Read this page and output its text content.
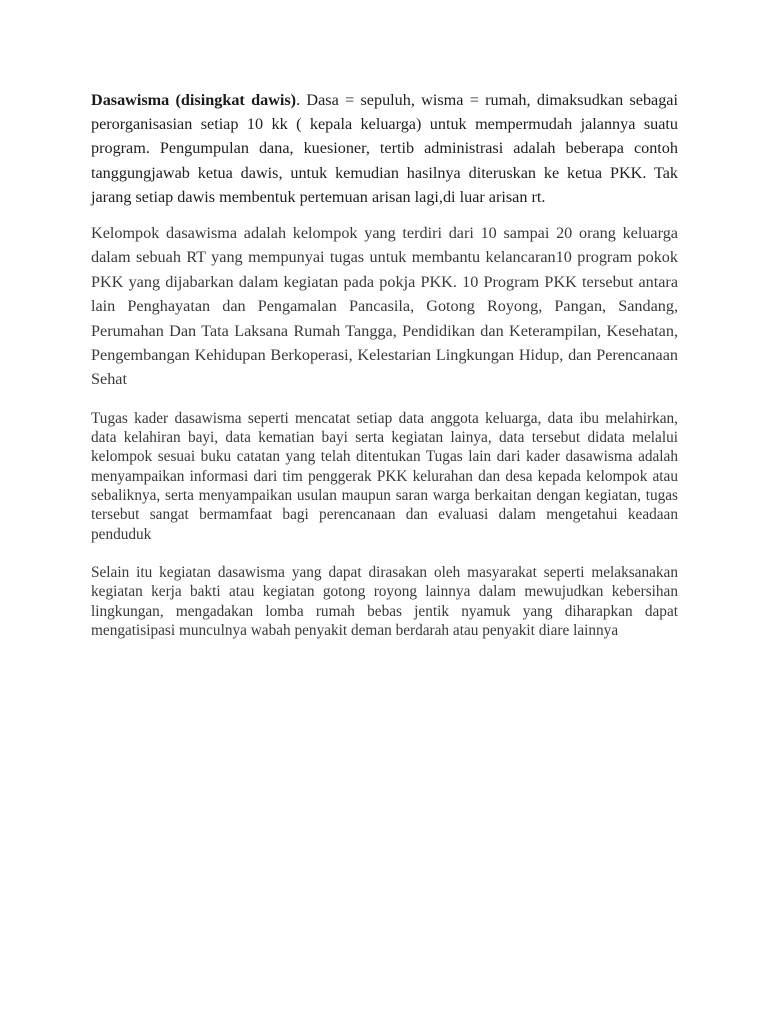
Dasawisma (disingkat dawis). Dasa = sepuluh, wisma = rumah, dimaksudkan sebagai perorganisasian setiap 10 kk ( kepala keluarga) untuk mempermudah jalannya suatu program. Pengumpulan dana, kuesioner, tertib administrasi adalah beberapa contoh tanggungjawab ketua dawis, untuk kemudian hasilnya diteruskan ke ketua PKK. Tak jarang setiap dawis membentuk pertemuan arisan lagi,di luar arisan rt.

Kelompok dasawisma adalah kelompok yang terdiri dari 10 sampai 20 orang keluarga dalam sebuah RT yang mempunyai tugas untuk membantu kelancaran10 program pokok PKK yang dijabarkan dalam kegiatan pada pokja PKK. 10 Program PKK tersebut antara lain Penghayatan dan Pengamalan Pancasila, Gotong Royong, Pangan, Sandang, Perumahan Dan Tata Laksana Rumah Tangga, Pendidikan dan Keterampilan, Kesehatan, Pengembangan Kehidupan Berkoperasi, Kelestarian Lingkungan Hidup, dan Perencanaan Sehat

Tugas kader dasawisma seperti mencatat setiap data anggota keluarga, data ibu melahirkan, data kelahiran bayi, data kematian bayi serta kegiatan lainya, data tersebut didata melalui kelompok sesuai buku catatan yang telah ditentukan Tugas lain dari kader dasawisma adalah menyampaikan informasi dari tim penggerak PKK kelurahan dan desa kepada kelompok atau sebaliknya, serta menyampaikan usulan maupun saran warga berkaitan dengan kegiatan, tugas tersebut sangat bermamfaat bagi perencanaan dan evaluasi dalam mengetahui keadaan penduduk

Selain itu kegiatan dasawisma yang dapat dirasakan oleh masyarakat seperti melaksanakan kegiatan kerja bakti atau kegiatan gotong royong lainnya dalam mewujudkan kebersihan lingkungan, mengadakan lomba rumah bebas jentik nyamuk yang diharapkan dapat mengatisipasi munculnya wabah penyakit deman berdarah atau penyakit diare lainnya
